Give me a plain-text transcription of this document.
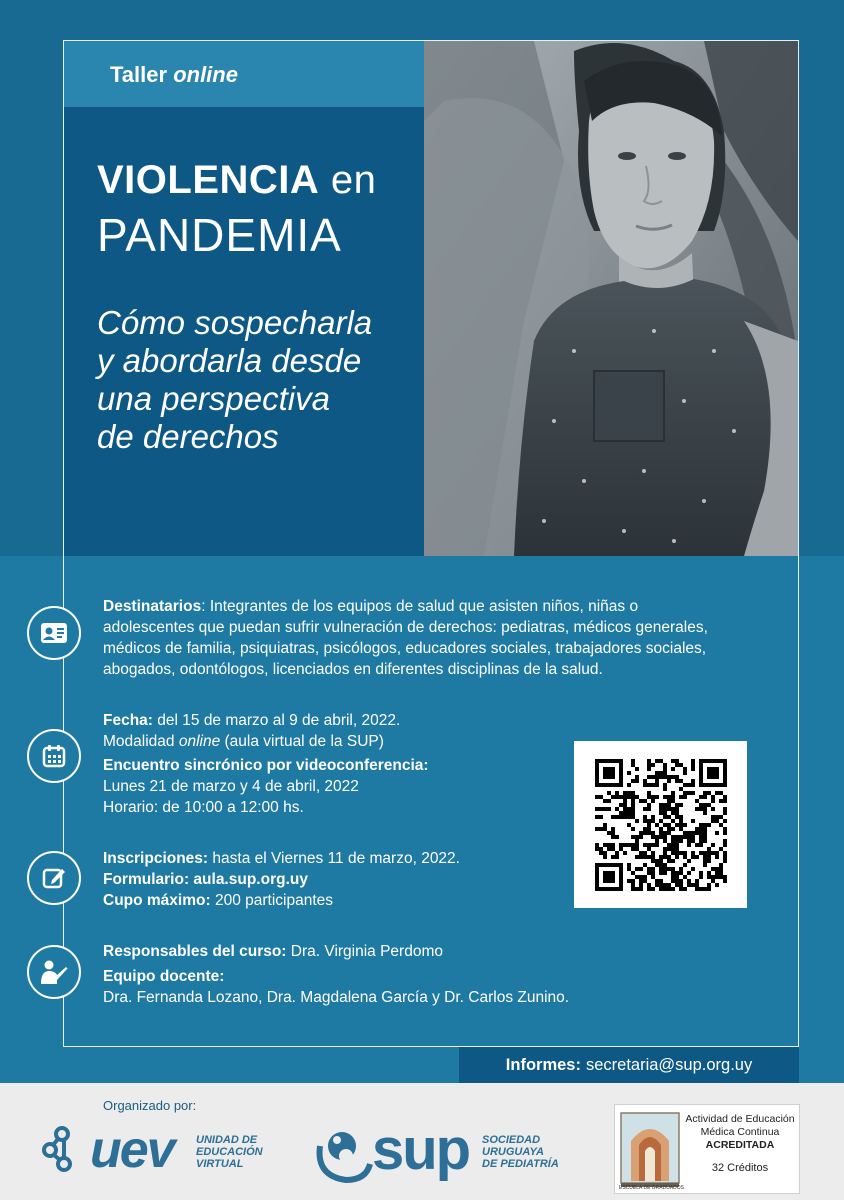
Taller online
VIOLENCIA en
PANDEMIA
Cómo sospecharla
y abordarla desde
una perspectiva
de derechos
Destinatarios: Integrantes de los equipos de salud que asisten niños, niñas o
adolescentes que puedan sufrir vulneración de derechos: pediatras, médicos generales,
médicos de familia, psiquiatras, psicólogos, educadores sociales, trabajadores sociales,
abogados, odontólogos, licenciados en diferentes disciplinas de la salud.
Fecha: del 15 de marzo al 9 de abril, 2022.
Modalidad online (aula virtual de la SUP)
Encuentro sincrónico por videoconferencia:
Lunes 21 de marzo y 4 de abril, 2022
Horario: de 10:00 a 12:00 hs.
Inscripciones: hasta el Viernes 11 de marzo, 2022.
Formulario: aula.sup.org.uy
Cupo máximo: 200 participantes
Responsables del curso: Dra. Virginia Perdomo
Equipo docente:
Dra. Fernanda Lozano, Dra. Magdalena García y Dr. Carlos Zunino.
Informes: secretaria@sup.org.uy
Organizado por:
uev UNIDAD DE
EDUCACIÓN
VIRTUAL	sup SOCIEDAD
URUGUAYA
DE PEDIATRÍA
Actividad de Educación
Médica Continua
ACREDITADA
32 Créditos
ESCUELA DE GRADUADOS
